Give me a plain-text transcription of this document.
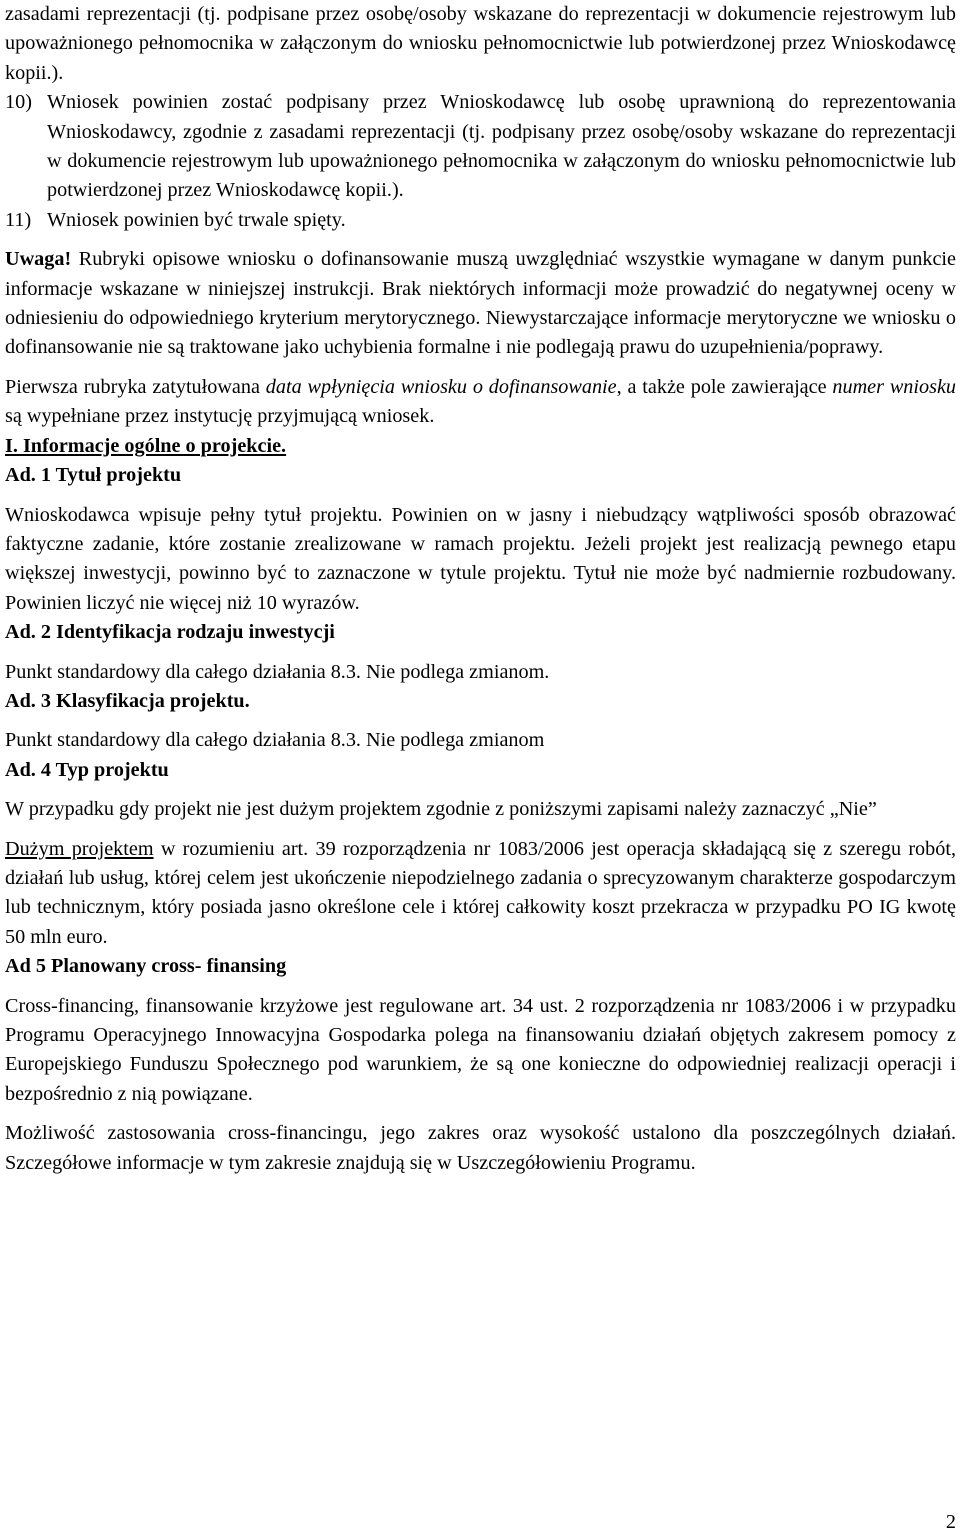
zasadami reprezentacji (tj. podpisane przez osobę/osoby wskazane do reprezentacji w dokumencie rejestrowym lub upoważnionego pełnomocnika w załączonym do wniosku pełnomocnictwie lub potwierdzonej przez Wnioskodawcę kopii.).

10) Wniosek powinien zostać podpisany przez Wnioskodawcę lub osobę uprawnioną do reprezentowania Wnioskodawcy, zgodnie z zasadami reprezentacji (tj. podpisany przez osobę/osoby wskazane do reprezentacji w dokumencie rejestrowym lub upoważnionego pełnomocnika w załączonym do wniosku pełnomocnictwie lub potwierdzonej przez Wnioskodawcę kopii.).
11) Wniosek powinien być trwale spięty.

Uwaga! Rubryki opisowe wniosku o dofinansowanie muszą uwzględniać wszystkie wymagane w danym punkcie informacje wskazane w niniejszej instrukcji. Brak niektórych informacji może prowadzić do negatywnej oceny w odniesieniu do odpowiedniego kryterium merytorycznego. Niewystarczające informacje merytoryczne we wniosku o dofinansowanie nie są traktowane jako uchybienia formalne i nie podlegają prawu do uzupełnienia/poprawy.

Pierwsza rubryka zatytułowana data wpłynięcia wniosku o dofinansowanie, a także pole zawierające numer wniosku są wypełniane przez instytucję przyjmującą wniosek.

I. Informacje ogólne o projekcie.

Ad. 1 Tytuł projektu

Wnioskodawca wpisuje pełny tytuł projektu. Powinien on w jasny i niebudzący wątpliwości sposób obrazować faktyczne zadanie, które zostanie zrealizowane w ramach projektu. Jeżeli projekt jest realizacją pewnego etapu większej inwestycji, powinno być to zaznaczone w tytule projektu. Tytuł nie może być nadmiernie rozbudowany. Powinien liczyć nie więcej niż 10 wyrazów.

Ad. 2 Identyfikacja rodzaju inwestycji

Punkt standardowy dla całego działania 8.3. Nie podlega zmianom.

Ad. 3 Klasyfikacja projektu.

Punkt standardowy dla całego działania 8.3. Nie podlega zmianom

Ad. 4 Typ projektu

W przypadku gdy projekt nie jest dużym projektem zgodnie z poniższymi zapisami należy zaznaczyć „Nie”

Dużym projektem w rozumieniu art. 39 rozporządzenia nr 1083/2006 jest operacja składającą się z szeregu robót, działań lub usług, której celem jest ukończenie niepodzielnego zadania o sprecyzowanym charakterze gospodarczym lub technicznym, który posiada jasno określone cele i której całkowity koszt przekracza w przypadku PO IG kwotę 50 mln euro.

Ad 5 Planowany cross- finansing

Cross-financing, finansowanie krzyżowe jest regulowane art. 34 ust. 2 rozporządzenia nr 1083/2006 i w przypadku Programu Operacyjnego Innowacyjna Gospodarka polega na finansowaniu działań objętych zakresem pomocy z Europejskiego Funduszu Społecznego pod warunkiem, że są one konieczne do odpowiedniej realizacji operacji i bezpośrednio z nią powiązane.

Możliwość zastosowania cross-financingu, jego zakres oraz wysokość ustalono dla poszczególnych działań. Szczegółowe informacje w tym zakresie znajdują się w Uszczegółowieniu Programu.

2
